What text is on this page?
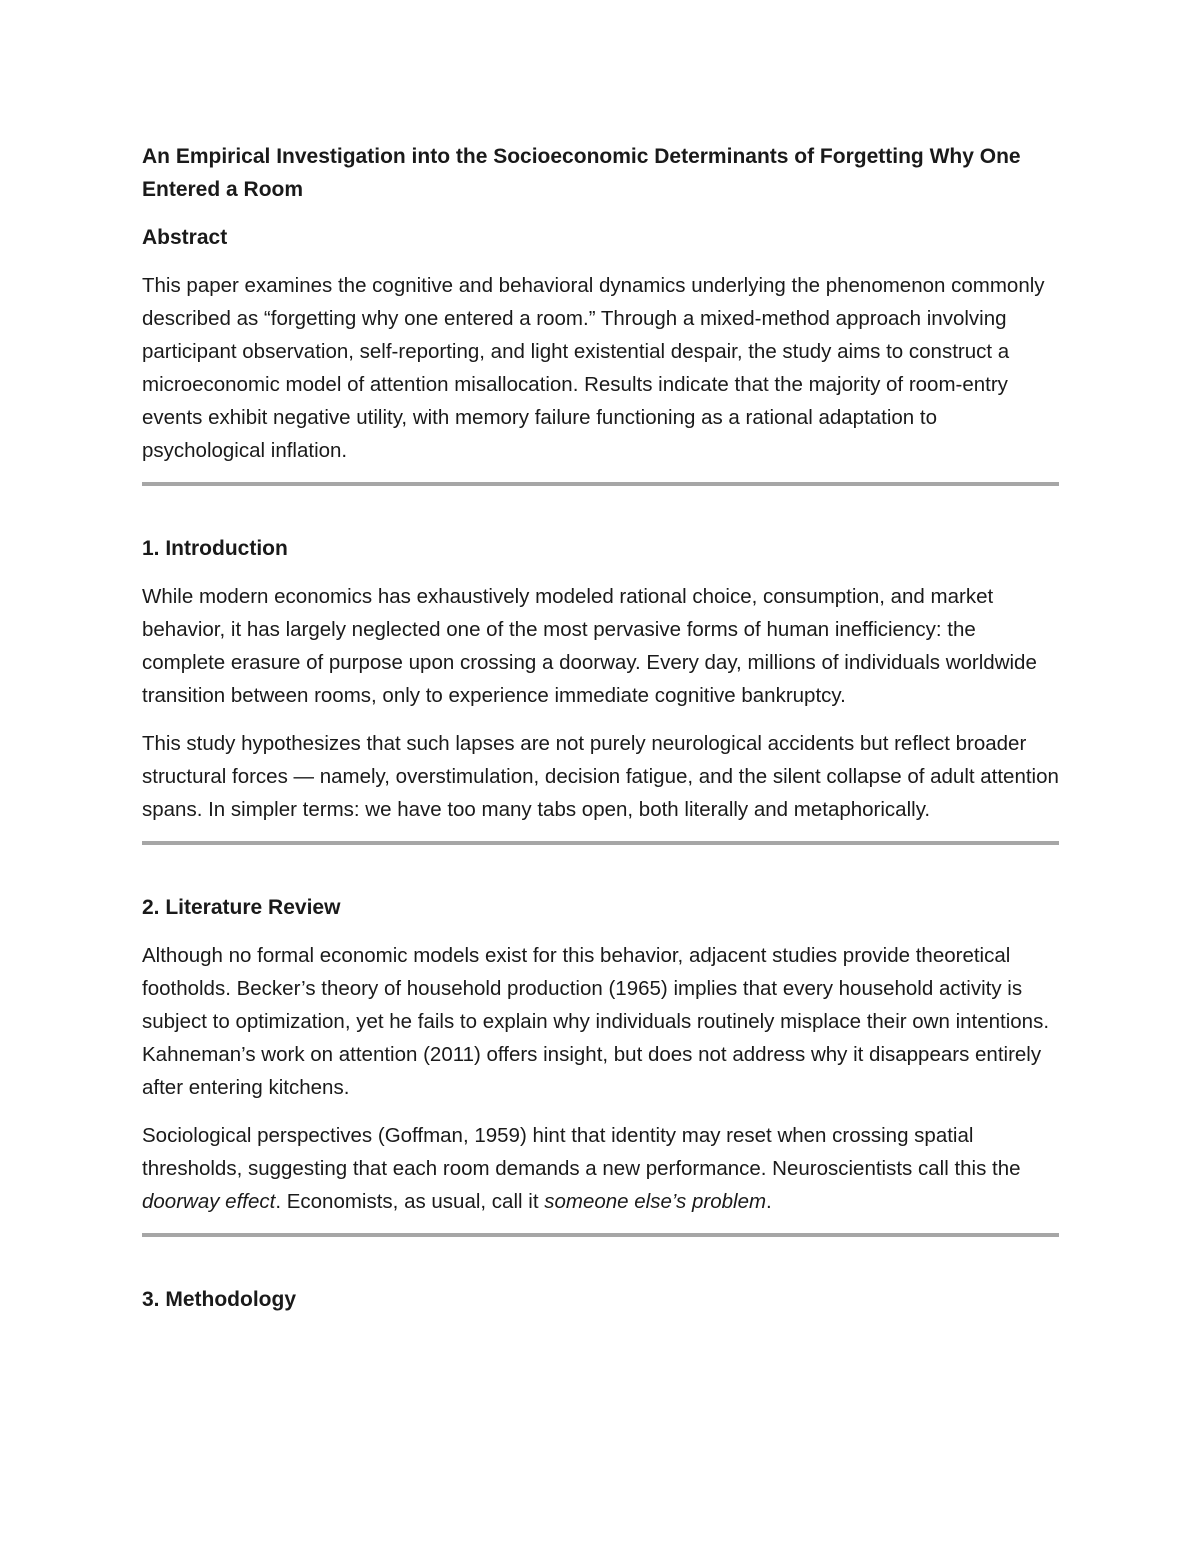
An Empirical Investigation into the Socioeconomic Determinants of Forgetting Why One Entered a Room
Abstract

This paper examines the cognitive and behavioral dynamics underlying the phenomenon commonly described as “forgetting why one entered a room.” Through a mixed-method approach involving participant observation, self-reporting, and light existential despair, the study aims to construct a microeconomic model of attention misallocation. Results indicate that the majority of room-entry events exhibit negative utility, with memory failure functioning as a rational adaptation to psychological inflation.

1. Introduction

While modern economics has exhaustively modeled rational choice, consumption, and market behavior, it has largely neglected one of the most pervasive forms of human inefficiency: the complete erasure of purpose upon crossing a doorway. Every day, millions of individuals worldwide transition between rooms, only to experience immediate cognitive bankruptcy.

This study hypothesizes that such lapses are not purely neurological accidents but reflect broader structural forces — namely, overstimulation, decision fatigue, and the silent collapse of adult attention spans. In simpler terms: we have too many tabs open, both literally and metaphorically.

2. Literature Review

Although no formal economic models exist for this behavior, adjacent studies provide theoretical footholds. Becker’s theory of household production (1965) implies that every household activity is subject to optimization, yet he fails to explain why individuals routinely misplace their own intentions. Kahneman’s work on attention (2011) offers insight, but does not address why it disappears entirely after entering kitchens.

Sociological perspectives (Goffman, 1959) hint that identity may reset when crossing spatial thresholds, suggesting that each room demands a new performance. Neuroscientists call this the doorway effect. Economists, as usual, call it someone else’s problem.

3. Methodology
